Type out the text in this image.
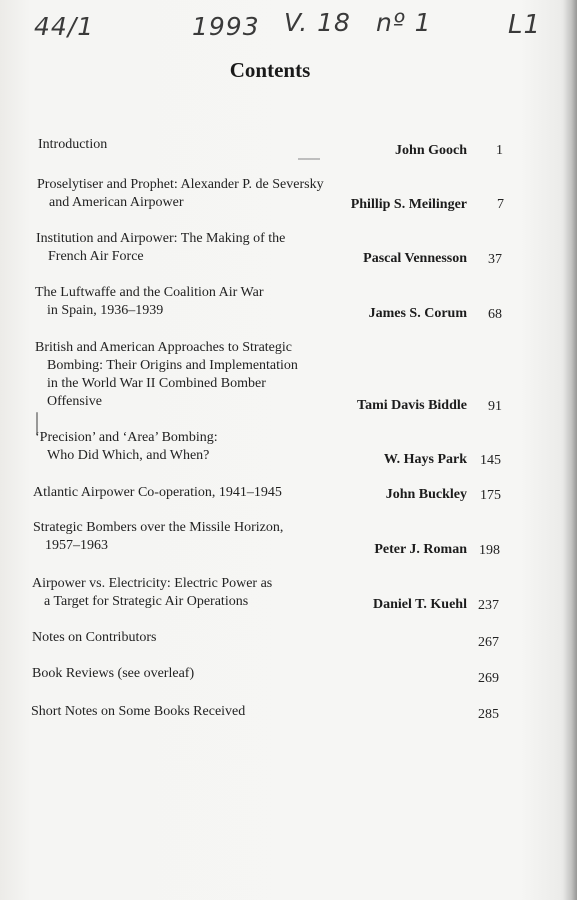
44/1	1993 V. 18 nº 1	L1
Contents
Introduction	John Gooch 1
Proselytiser and Prophet: Alexander P. de Seversky
and American Airpower	Phillip S. Meilinger 7
Institution and Airpower: The Making of the
French Air Force	Pascal Vennesson 37
The Luftwaffe and the Coalition Air War
in Spain, 1936–1939	James S. Corum 68
British and American Approaches to Strategic
Bombing: Their Origins and Implementation
in the World War II Combined Bomber
Offensive	Tami Davis Biddle 91
‘Precision’ and ‘Area’ Bombing:
Who Did Which, and When?	W. Hays Park 145
Atlantic Airpower Co-operation, 1941–1945	John Buckley 175
Strategic Bombers over the Missile Horizon,
1957–1963	Peter J. Roman 198
Airpower vs. Electricity: Electric Power as
a Target for Strategic Air Operations	Daniel T. Kuehl 237
Notes on Contributors	267
Book Reviews (see overleaf)	269
Short Notes on Some Books Received	285
